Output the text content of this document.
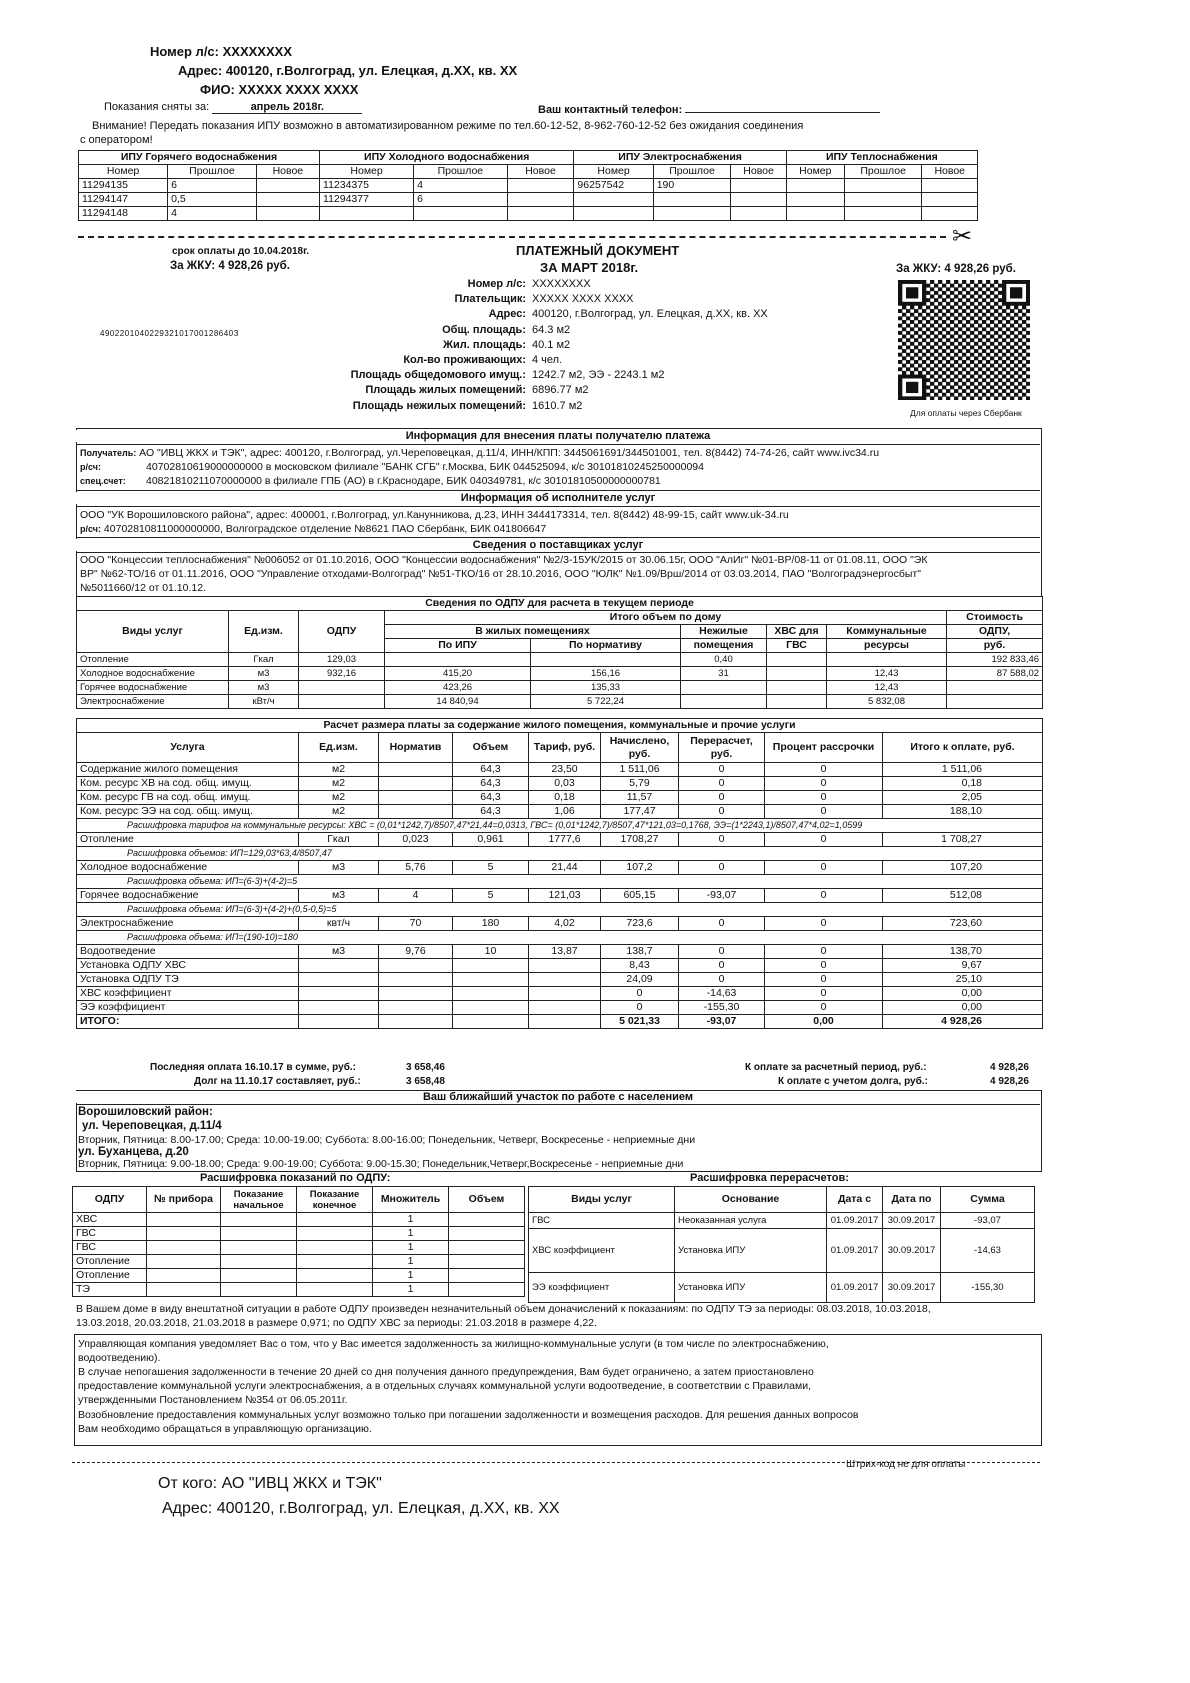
Номер л/с: XXXXXXXX
Адрес: 400120, г.Волгоград, ул. Елецкая, д.XX, кв. XX
ФИО: XXXXX XXXX XXXX
Показания сняты за:	апрель 2018г.	Ваш контактный телефон:
Внимание! Передать показания ИПУ возможно в автоматизированном режиме по тел.60-12-52, 8-962-760-12-52 без ожидания соединения
с оператором!
ИПУ Горячего водоснабжения			ИПУ Холодного водоснабжения			ИПУ Электроснабжения			ИПУ Теплоснабжения		
Номер	Прошлое	Новое	Номер	Прошлое	Новое	Номер	Прошлое	Новое	Номер	Прошлое	Новое
11294135	6		11234375	4		96257542	190				
11294147	0,5		11294377	6							
11294148	4										
✂
срок оплаты до 10.04.2018г.
За ЖКУ: 4 928,26 руб.
490220104022932101700128640З
ПЛАТЕЖНЫЙ ДОКУМЕНТ
ЗА МАРТ 2018г.	За ЖКУ: 4 928,26 руб.
Для оплаты через Сбербанк
Номер л/с: XXXXXXXX
Плательщик: XXXXX XXXX XXXX
Адрес: 400120, г.Волгоград, ул. Елецкая, д.XX, кв. XX
Общ. площадь: 64.3 м2
Жил. площадь: 40.1 м2
Кол-во проживающих: 4 чел.
Площадь общедомового имущ.: 1242.7 м2, ЭЭ - 2243.1 м2
Площадь жилых помещений: 6896.77 м2
Площадь нежилых помещений: 1610.7 м2
Информация для внесения платы получателю платежа
Получатель: АО "ИВЦ ЖКХ и ТЭК", адрес: 400120, г.Волгоград, ул.Череповецкая, д.11/4, ИНН/КПП: 3445061691/344501001, тел. 8(8442) 74-74-26, сайт www.ivc34.ru
р/сч:	40702810619000000000 в московском филиале "БАНК СГБ" г.Москва, БИК 044525094, к/с 30101810245250000094
спец.счет: 40821810211070000000 в филиале ГПБ (АО) в г.Краснодаре, БИК 040349781, к/с 30101810500000000781
Информация об исполнителе услуг
ООО "УК Ворошиловского района", адрес: 400001, г.Волгоград, ул.Канунникова, д.23, ИНН 3444173314, тел. 8(8442) 48-99-15, сайт www.uk-34.ru
р/сч: 40702810811000000000, Волгоградское отделение №8621 ПАО Сбербанк, БИК 041806647
Сведения о поставщиках услуг
ООО "Концессии теплоснабжения" №006052 от 01.10.2016, ООО "Концессии водоснабжения" №2/3-15УК/2015 от 30.06.15г, ООО "АлИг" №01-ВР/08-11 от 01.08.11, ООО "ЭК
ВР" №62-ТО/16 от 01.11.2016, ООО "Управление отходами-Волгоград" №51-ТКО/16 от 28.10.2016, ООО "ЮЛК" №1.09/Врш/2014 от 03.03.2014, ПАО "Волгоградэнергосбыт"
№5011660/12 от 01.10.12.
Сведения по ОДПУ для расчета в текущем периоде								
Виды услуг	Ед.изм.	ОДПУ	Итого объем по дому					Стоимость
			В жилых помещениях		Нежилые	ХВС для	Коммунальные	ОДПУ,
			По ИПУ	По нормативу	помещения	ГВС	ресурсы	руб.
Отопление	Гкал	129,03			0,40			192 833,46
Холодное водоснабжение	м3	932,16	415,20	156,16	31		12,43	87 588,02
Горячее водоснабжение	м3		423,26	135,33			12,43	
Электроснабжение	кВт/ч		14 840,94	5 722,24			5 832,08	
Расчет размера платы за содержание жилого помещения, коммунальные и прочие услуги								
Услуга	Ед.изм.	Норматив	Объем	Тариф, руб.	Начислено, руб.	Перерасчет, руб.	Процент рассрочки	Итого к оплате, руб.
Содержание жилого помещения	м2		64,3	23,50	1 511,06	0	0	1 511,06
Ком. ресурс ХВ на сод. общ. имущ.	м2		64,3	0,03	5,79	0	0	0,18
Ком. ресурс ГВ на сод. общ. имущ.	м2		64,3	0,18	11,57	0	0	2,05
Ком. ресурс ЭЭ на сод. общ. имущ.	м2		64,3	1,06	177,47	0	0	188,10
Расшифровка тарифов на коммунальные ресурсы: ХВС = (0,01*1242,7)/8507,47*21,44=0,0313, ГВС= (0,01*1242,7)/8507,47*121,03=0,1768, ЭЭ=(1*2243,1)/8507,47*4,02=1,0599								
Отопление	Гкал	0,023	0,961	1777,6	1708,27	0	0	1 708,27
Расшифровка объемов: ИП=129,03*63,4/8507,47								
Холодное водоснабжение	м3	5,76	5	21,44	107,2	0	0	107,20
Расшифровка объема: ИП=(6-3)+(4-2)=5								
Горячее водоснабжение	м3	4	5	121,03	605,15	-93,07	0	512,08
Расшифровка объема: ИП=(6-3)+(4-2)+(0,5-0,5)=5								
Электроснабжение	квт/ч	70	180	4,02	723,6	0	0	723,60
Расшифровка объема: ИП=(190-10)=180								
Водоотведение	м3	9,76	10	13,87	138,7	0	0	138,70
Установка ОДПУ ХВС					8,43	0	0	9,67
Установка ОДПУ ТЭ					24,09	0	0	25,10
ХВС коэффициент					0	-14,63	0	0,00
ЭЭ коэффициент					0	-155,30	0	0,00
ИТОГО:					5 021,33	-93,07	0,00	4 928,26
Последняя оплата 16.10.17 в сумме, руб.:	3 658,46
Долг на 11.10.17 составляет, руб.:	3 658,48
К оплате за расчетный период, руб.:	4 928,26
К оплате с учетом долга, руб.:	4 928,26
Ваш ближайший участок по работе с населением
Ворошиловский район:
ул. Череповецкая, д.11/4
Вторник, Пятница: 8.00-17.00; Среда: 10.00-19.00; Суббота: 8.00-16.00; Понедельник, Четверг, Воскресенье - неприемные дни
ул. Буханцева, д.20
Вторник, Пятница: 9.00-18.00; Среда: 9.00-19.00; Суббота: 9.00-15.30; Понедельник,Четверг,Воскресенье - неприемные дни
Расшифровка показаний по ОДПУ:	Расшифровка перерасчетов:
ОДПУ	№ прибора	Показание начальное	Показание конечное	Множитель	Объем
ХВС				1	
ГВС				1	
ГВС				1	
Отопление				1	
Отопление				1	
ТЭ				1	
Виды услуг	Основание	Дата с	Дата по	Сумма
ГВС	Неоказанная услуга	01.09.2017	30.09.2017	-93,07
ХВС коэффициент	Установка ИПУ	01.09.2017	30.09.2017	-14,63
ЭЭ коэффициент	Установка ИПУ	01.09.2017	30.09.2017	-155,30
В Вашем доме в виду внештатной ситуации в работе ОДПУ произведен незначительный объем доначислений к показаниям: по ОДПУ ТЭ за периоды: 08.03.2018, 10.03.2018,
13.03.2018, 20.03.2018, 21.03.2018 в размере 0,971; по ОДПУ ХВС за периоды: 21.03.2018 в размере 4,22.
Управляющая компания уведомляет Вас о том, что у Вас имеется задолженность за жилищно-коммунальные услуги (в том числе по электроснабжению,
водоотведению).
В случае непогашения задолженности в течение 20 дней со дня получения данного предупреждения, Вам будет ограничено, а затем приостановлено
предоставление коммунальной услуги электроснабжения, а в отдельных случаях коммунальной услуги водоотведение, в соответствии с Правилами,
утвержденными Постановлением №354 от 06.05.2011г.
Возобновление предоставления коммунальных услуг возможно только при погашении задолженности и возмещения расходов. Для решения данных вопросов
Вам необходимо обращаться в управляющую организацию.
Штрих-код не для оплаты
От кого: АО "ИВЦ ЖКХ и ТЭК"
Адрес: 400120, г.Волгоград, ул. Елецкая, д.XX, кв. XX
